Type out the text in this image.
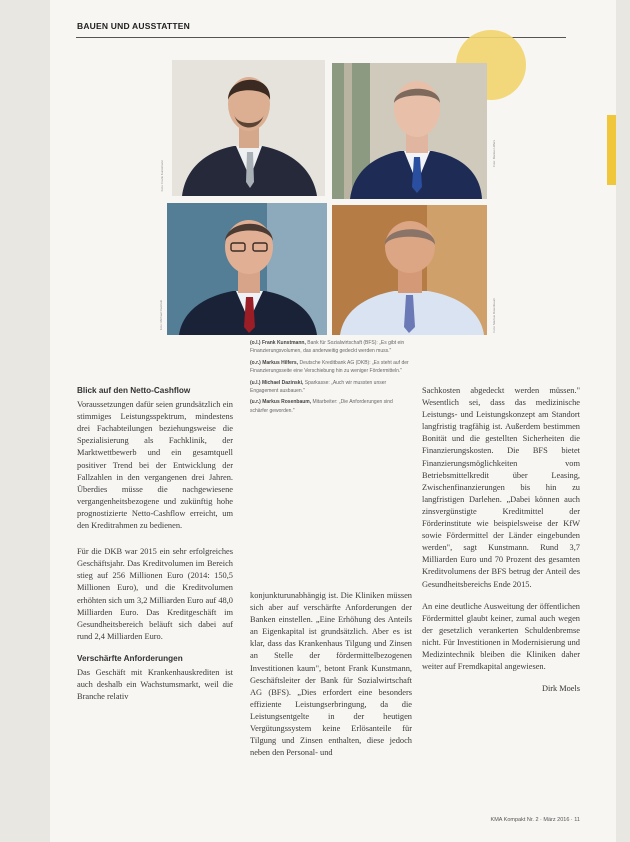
BAUEN UND AUSSTATTEN
Foto: Frank Kunstmann
Foto: Markus Hilfers
Foto: Michael Dazinski	Foto: Markus Rosenbaum

(o.l.) Frank Kunstmann, Bank für Sozialwirtschaft (BFS): „Es gibt ein Finanzierungsvolumen, das anderweitig gedeckt werden muss."

(o.r.) Markus Hilfers, Deutsche Kreditbank AG (DKB): „Es steht auf der Finanzierungsseite eine Verschiebung hin zu weniger Fördermitteln."

(u.l.) Michael Dazinski, Sparkasse: „Auch wir mussten unser Engagement ausbauen."

(u.r.) Markus Rosenbaum, Mitarbeiter: „Die Anforderungen sind schärfer geworden."

Blick auf den Netto-Cashflow

Voraussetzungen dafür seien grundsätzlich ein stimmiges Leistungsspektrum, mindestens drei Fachabteilungen beziehungsweise die Spezialisierung als Fachklinik, der Marktwettbewerb und ein gesamtquell positiver Trend bei der Entwicklung der Fallzahlen in den vergangenen drei Jahren. Überdies müsse die nachgewiesene vergangenheitsbezogene und zukünftig hohe prognostizierte Netto-Cashflow erreicht, um den Kreditrahmen zu bedienen.

Für die DKB war 2015 ein sehr erfolgreiches Geschäftsjahr. Das Kreditvolumen im Bereich stieg auf 256 Millionen Euro (2014: 150,5 Millionen Euro), und die Kreditvolumen erhöhten sich um 3,2 Milliarden Euro auf 48,0 Milliarden Euro. Das Kreditgeschäft im Gesundheitsbereich beläuft sich dabei auf rund 2,4 Milliarden Euro.

Verschärfte Anforderungen

Das Geschäft mit Krankenhauskrediten ist auch deshalb ein Wachstumsmarkt, weil die Branche relativ

konjunkturunabhängig ist. Die Kliniken müssen sich aber auf verschärfte Anforderungen der Banken einstellen. „Eine Erhöhung des Anteils an Eigenkapital ist grundsätzlich. Aber es ist klar, dass das Krankenhaus Tilgung und Zinsen an Stelle der fördermittelbezogenen Investitionen kaum", betont Frank Kunstmann, Geschäftsleiter der Bank für Sozialwirtschaft AG (BFS). „Dies erfordert eine besonders effiziente Leistungserbringung, da die Leistungsentgelte in der heutigen Vergütungssystem keine Erlösanteile für Tilgung und Zinsen enthalten, diese jedoch neben den Personal- und

Sachkosten abgedeckt werden müssen." Wesentlich sei, dass das medizinische Leistungs- und Leistungskonzept am Standort langfristig tragfähig ist. Außerdem bestimmen Bonität und die gestellten Sicherheiten die Finanzierungskosten. Die BFS bietet Finanzierungsmöglichkeiten vom Betriebsmittelkredit über Leasing, Zwischenfinanzierungen bis hin zu langfristigen Darlehen. „Dabei können auch zinsvergünstigte Kreditmittel der Förderinstitute wie beispielsweise der KfW sowie Fördermittel der Länder eingebunden werden", sagt Kunstmann. Rund 3,7 Milliarden Euro und 70 Prozent des gesamten Kreditvolumens der BFS betrug der Anteil des Gesundheitsbereichs Ende 2015.

An eine deutliche Ausweitung der öffentlichen Fördermittel glaubt keiner, zumal auch wegen der gesetzlich verankerten Schuldenbremse nicht. Für Investitionen in Modernisierung und Medizintechnik bleiben die Kliniken daher weiter auf Fremdkapital angewiesen.

Dirk Moels
KMA Kompakt Nr. 2 · März 2016 · 11
